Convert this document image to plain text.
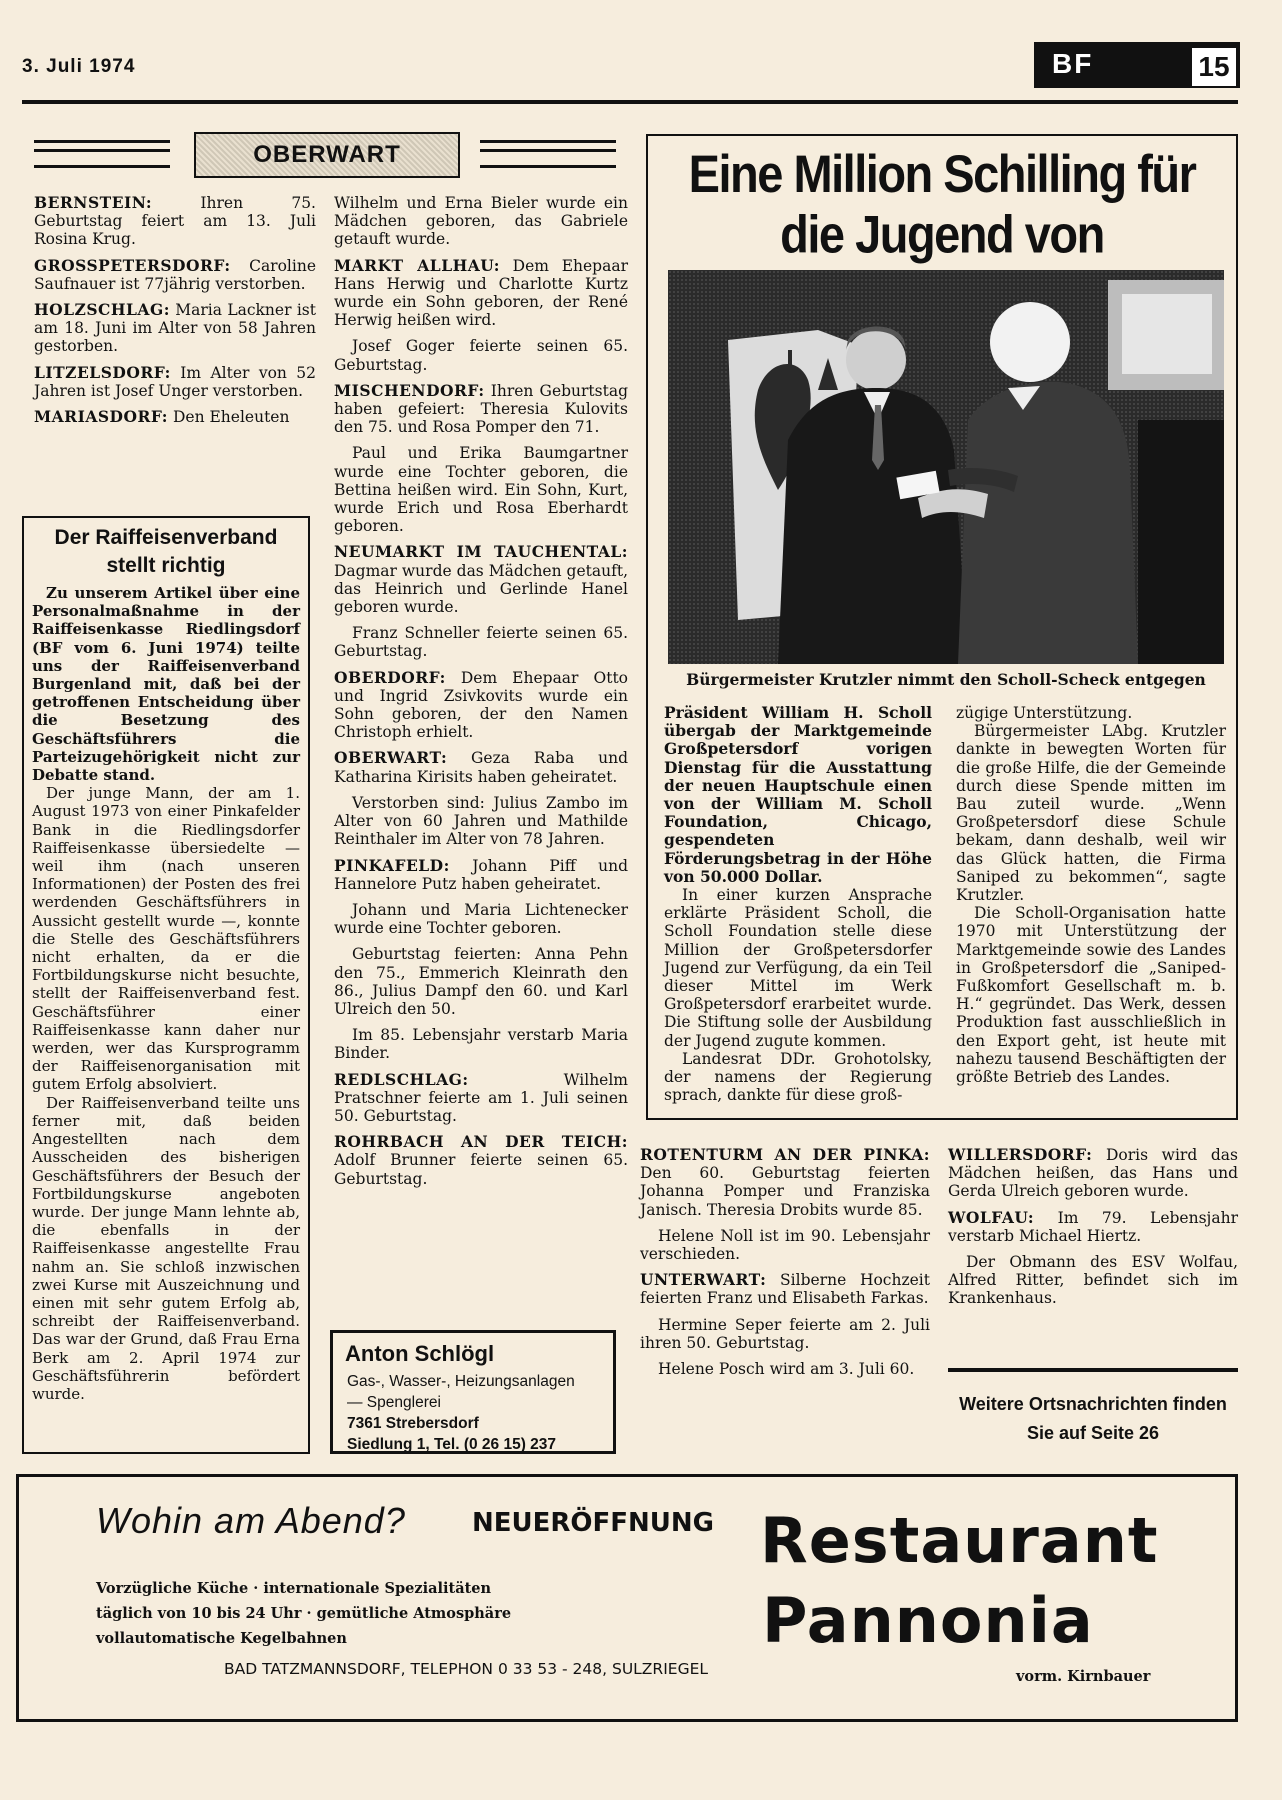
3. Juli 1974	BF	15
OBERWART

BERNSTEIN: Ihren 75. Geburtstag feiert am 13. Juli Rosina Krug.

GROSSPETERSDORF: Caroline Saufnauer ist 77jährig verstorben.

HOLZSCHLAG: Maria Lackner ist am 18. Juni im Alter von 58 Jahren gestorben.

LITZELSDORF: Im Alter von 52 Jahren ist Josef Unger verstorben.

MARIASDORF: Den Eheleuten

Der Raiffeisenverband stellt richtig

Zu unserem Artikel über eine Personalmaßnahme in der Raiffeisenkasse Riedlingsdorf (BF vom 6. Juni 1974) teilte uns der Raiffeisenverband Burgenland mit, daß bei der getroffenen Entscheidung über die Besetzung des Geschäftsführers die Parteizugehörigkeit nicht zur Debatte stand.

Der junge Mann, der am 1. August 1973 von einer Pinkafelder Bank in die Riedlingsdorfer Raiffeisenkasse übersiedelte — weil ihm (nach unseren Informationen) der Posten des frei werdenden Geschäftsführers in Aussicht gestellt wurde —, konnte die Stelle des Geschäftsführers nicht erhalten, da er die Fortbildungskurse nicht besuchte, stellt der Raiffeisenverband fest. Geschäftsführer einer Raiffeisenkasse kann daher nur werden, wer das Kursprogramm der Raiffeisenorganisation mit gutem Erfolg absolviert.

Der Raiffeisenverband teilte uns ferner mit, daß beiden Angestellten nach dem Ausscheiden des bisherigen Geschäftsführers der Besuch der Fortbildungskurse angeboten wurde. Der junge Mann lehnte ab, die ebenfalls in der Raiffeisenkasse angestellte Frau nahm an. Sie schloß inzwischen zwei Kurse mit Auszeichnung und einen mit sehr gutem Erfolg ab, schreibt der Raiffeisenverband. Das war der Grund, daß Frau Erna Berk am 2. April 1974 zur Geschäftsführerin befördert wurde.

Wilhelm und Erna Bieler wurde ein Mädchen geboren, das Gabriele getauft wurde.

MARKT ALLHAU: Dem Ehepaar Hans Herwig und Charlotte Kurtz wurde ein Sohn geboren, der René Herwig heißen wird.

Josef Goger feierte seinen 65. Geburtstag.

MISCHENDORF: Ihren Geburtstag haben gefeiert: Theresia Kulovits den 75. und Rosa Pomper den 71.

Paul und Erika Baumgartner wurde eine Tochter geboren, die Bettina heißen wird. Ein Sohn, Kurt, wurde Erich und Rosa Eberhardt geboren.

NEUMARKT IM TAUCHENTAL: Dagmar wurde das Mädchen getauft, das Heinrich und Gerlinde Hanel geboren wurde.

Franz Schneller feierte seinen 65. Geburtstag.

OBERDORF: Dem Ehepaar Otto und Ingrid Zsivkovits wurde ein Sohn geboren, der den Namen Christoph erhielt.

OBERWART: Geza Raba und Katharina Kirisits haben geheiratet.

Verstorben sind: Julius Zambo im Alter von 60 Jahren und Mathilde Reinthaler im Alter von 78 Jahren.

PINKAFELD: Johann Piff und Hannelore Putz haben geheiratet.

Johann und Maria Lichtenecker wurde eine Tochter geboren.

Geburtstag feierten: Anna Pehn den 75., Emmerich Kleinrath den 86., Julius Dampf den 60. und Karl Ulreich den 50.

Im 85. Lebensjahr verstarb Maria Binder.

REDLSCHLAG: Wilhelm Pratschner feierte am 1. Juli seinen 50. Geburtstag.

ROHRBACH AN DER TEICH: Adolf Brunner feierte seinen 65. Geburtstag.

Anton Schlögl
Gas-, Wasser-, Heizungsanlagen
— Spenglerei
7361 Strebersdorf
Siedlung 1, Tel. (0 26 15) 237
Eine Million Schilling für die Jugend von
Bürgermeister Krutzler nimmt den Scholl-Scheck entgegen

Präsident William H. Scholl übergab der Marktgemeinde Großpetersdorf vorigen Dienstag für die Ausstattung der neuen Hauptschule einen von der William M. Scholl Foundation, Chicago, gespendeten Förderungsbetrag in der Höhe von 50.000 Dollar.

In einer kurzen Ansprache erklärte Präsident Scholl, die Scholl Foundation stelle diese Million der Großpetersdorfer Jugend zur Verfügung, da ein Teil dieser Mittel im Werk Großpetersdorf erarbeitet wurde. Die Stiftung solle der Ausbildung der Jugend zugute kommen.

Landesrat DDr. Grohotolsky, der namens der Regierung sprach, dankte für diese groß-

zügige Unterstützung.

Bürgermeister LAbg. Krutzler dankte in bewegten Worten für die große Hilfe, die der Gemeinde durch diese Spende mitten im Bau zuteil wurde. „Wenn Großpetersdorf diese Schule bekam, dann deshalb, weil wir das Glück hatten, die Firma Saniped zu bekommen“, sagte Krutzler.

Die Scholl-Organisation hatte 1970 mit Unterstützung der Marktgemeinde sowie des Landes in Großpetersdorf die „Saniped-Fußkomfort Gesellschaft m. b. H.“ gegründet. Das Werk, dessen Produktion fast ausschließlich in den Export geht, ist heute mit nahezu tausend Beschäftigten der größte Betrieb des Landes.

ROTENTURM AN DER PINKA: Den 60. Geburtstag feierten Johanna Pomper und Franziska Janisch. Theresia Drobits wurde 85.

Helene Noll ist im 90. Lebensjahr verschieden.

UNTERWART: Silberne Hochzeit feierten Franz und Elisabeth Farkas.

Hermine Seper feierte am 2. Juli ihren 50. Geburtstag.

Helene Posch wird am 3. Juli 60.

WILLERSDORF: Doris wird das Mädchen heißen, das Hans und Gerda Ulreich geboren wurde.

WOLFAU: Im 79. Lebensjahr verstarb Michael Hiertz.

Der Obmann des ESV Wolfau, Alfred Ritter, befindet sich im Krankenhaus.

Weitere Ortsnachrichten finden Sie auf Seite 26
Wohin am Abend?	NEUERÖFFNUNG
Vorzügliche Küche · internationale Spezialitäten
täglich von 10 bis 24 Uhr · gemütliche Atmosphäre
vollautomatische Kegelbahnen
BAD TATZMANNSDORF, TELEPHON 0 33 53 - 248, SULZRIEGEL
Restaurant
Pannonia
vorm. Kirnbauer
